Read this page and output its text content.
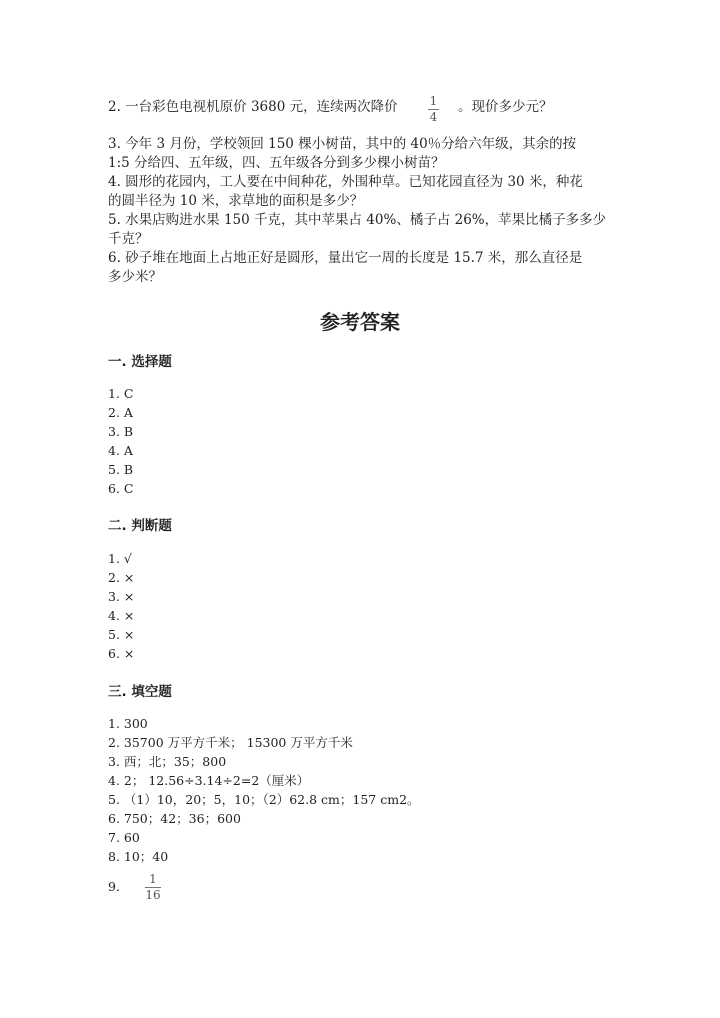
2. 一台彩色电视机原价 3680 元，连续两次降价	1
4
。现价多少元？
3. 今年 3 月份，学校领回 150 棵小树苗，其中的 40％分给六年级，其余的按
1:5 分给四、五年级，四、五年级各分到多少棵小树苗？
4. 圆形的花园内，工人要在中间种花，外围种草。已知花园直径为 30 米，种花
的圆半径为 10 米，求草地的面积是多少？
5. 水果店购进水果 150 千克，其中苹果占 40%、橘子占 26%，苹果比橘子多多少
千克？
6. 砂子堆在地面上占地正好是圆形，量出它一周的长度是 15.7 米，那么直径是
多少米？
参考答案
一. 选择题
1. C
2. A
3. B
4. A
5. B
6. C
二. 判断题
1. √
2. ×
3. ×
4. ×
5. ×
6. ×
三. 填空题
1. 300
2. 35700 万平方千米； 15300 万平方千米
3. 西；北；35；800
4. 2； 12.56÷3.14÷2=2（厘米）
5. （1）10，20；5，10；（2）62.8 cm；157 cm2。
6. 750；42；36；600
7. 60
8. 10；40
9. 1
16
